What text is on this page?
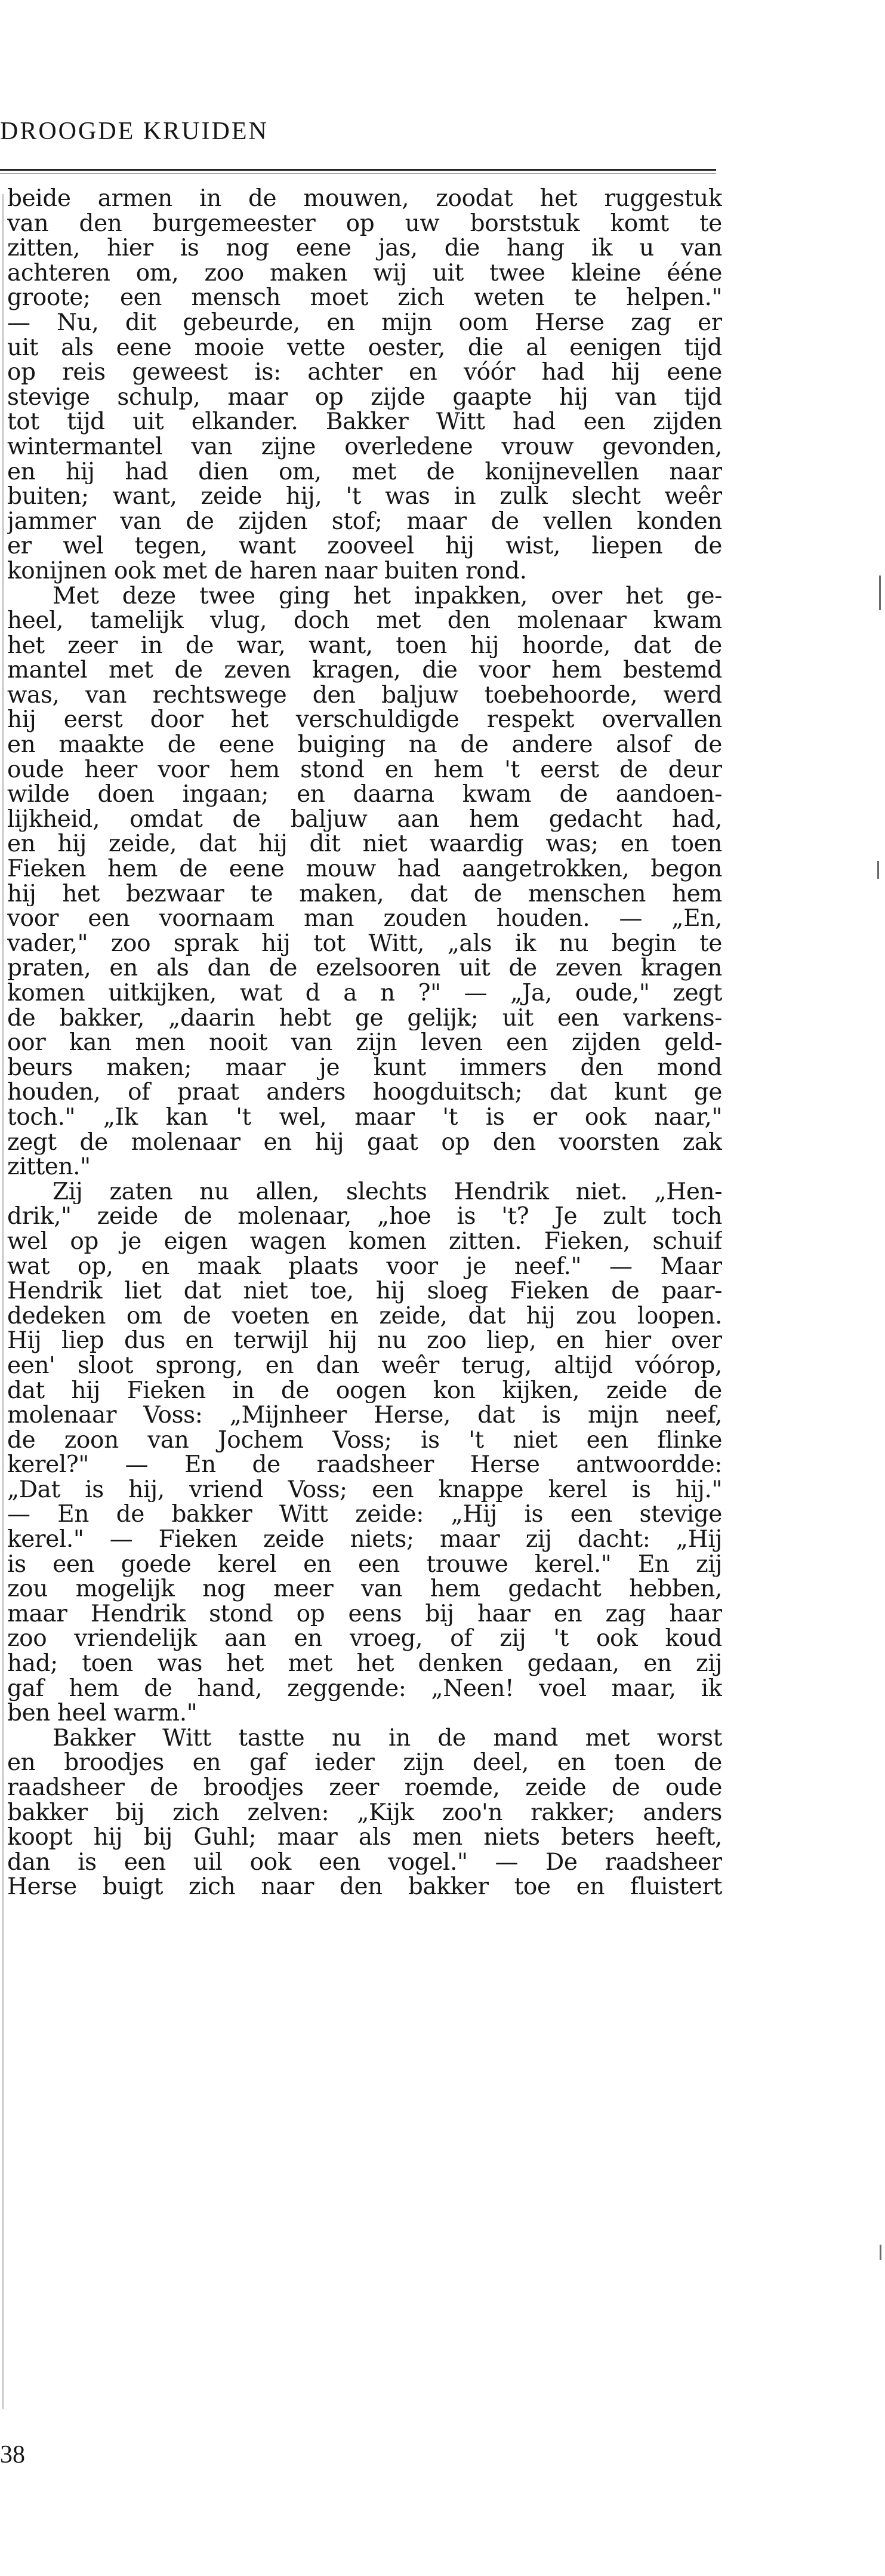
DROOGDE KRUIDEN
beide armen in de mouwen, zoodat het ruggestuk
van den burgemeester op uw borststuk komt te
zitten, hier is nog eene jas, die hang ik u van
achteren om, zoo maken wij uit twee kleine ééne
groote; een mensch moet zich weten te helpen."
— Nu, dit gebeurde, en mijn oom Herse zag er
uit als eene mooie vette oester, die al eenigen tijd
op reis geweest is: achter en vóór had hij eene
stevige schulp, maar op zijde gaapte hij van tijd
tot tijd uit elkander. Bakker Witt had een zijden
wintermantel van zijne overledene vrouw gevonden,
en hij had dien om, met de konijnevellen naar
buiten; want, zeide hij, 't was in zulk slecht weêr
jammer van de zijden stof; maar de vellen konden
er wel tegen, want zooveel hij wist, liepen de
konijnen ook met de haren naar buiten rond.
Met deze twee ging het inpakken, over het ge-
heel, tamelijk vlug, doch met den molenaar kwam
het zeer in de war, want, toen hij hoorde, dat de
mantel met de zeven kragen, die voor hem bestemd
was, van rechtswege den baljuw toebehoorde, werd
hij eerst door het verschuldigde respekt overvallen
en maakte de eene buiging na de andere alsof de
oude heer voor hem stond en hem 't eerst de deur
wilde doen ingaan; en daarna kwam de aandoen-
lijkheid, omdat de baljuw aan hem gedacht had,
en hij zeide, dat hij dit niet waardig was; en toen
Fieken hem de eene mouw had aangetrokken, begon
hij het bezwaar te maken, dat de menschen hem
voor een voornaam man zouden houden. — „En,
vader," zoo sprak hij tot Witt, „als ik nu begin te
praten, en als dan de ezelsooren uit de zeven kragen
komen uitkijken, wat d a n ?" — „Ja, oude," zegt
de bakker, „daarin hebt ge gelijk; uit een varkens-
oor kan men nooit van zijn leven een zijden geld-
beurs maken; maar je kunt immers den mond
houden, of praat anders hoogduitsch; dat kunt ge
toch." „Ik kan 't wel, maar 't is er ook naar,"
zegt de molenaar en hij gaat op den voorsten zak
zitten."
Zij zaten nu allen, slechts Hendrik niet. „Hen-
drik," zeide de molenaar, „hoe is 't? Je zult toch
wel op je eigen wagen komen zitten. Fieken, schuif
wat op, en maak plaats voor je neef." — Maar
Hendrik liet dat niet toe, hij sloeg Fieken de paar-
dedeken om de voeten en zeide, dat hij zou loopen.
Hij liep dus en terwijl hij nu zoo liep, en hier over
een' sloot sprong, en dan weêr terug, altijd vóórop,
dat hij Fieken in de oogen kon kijken, zeide de
molenaar Voss: „Mijnheer Herse, dat is mijn neef,
de zoon van Jochem Voss; is 't niet een flinke
kerel?" — En de raadsheer Herse antwoordde:
„Dat is hij, vriend Voss; een knappe kerel is hij."
— En de bakker Witt zeide: „Hij is een stevige
kerel." — Fieken zeide niets; maar zij dacht: „Hij
is een goede kerel en een trouwe kerel." En zij
zou mogelijk nog meer van hem gedacht hebben,
maar Hendrik stond op eens bij haar en zag haar
zoo vriendelijk aan en vroeg, of zij 't ook koud
had; toen was het met het denken gedaan, en zij
gaf hem de hand, zeggende: „Neen! voel maar, ik
ben heel warm."
Bakker Witt tastte nu in de mand met worst
en broodjes en gaf ieder zijn deel, en toen de
raadsheer de broodjes zeer roemde, zeide de oude
bakker bij zich zelven: „Kijk zoo'n rakker; anders
koopt hij bij Guhl; maar als men niets beters heeft,
dan is een uil ook een vogel." — De raadsheer
Herse buigt zich naar den bakker toe en fluistert
38
